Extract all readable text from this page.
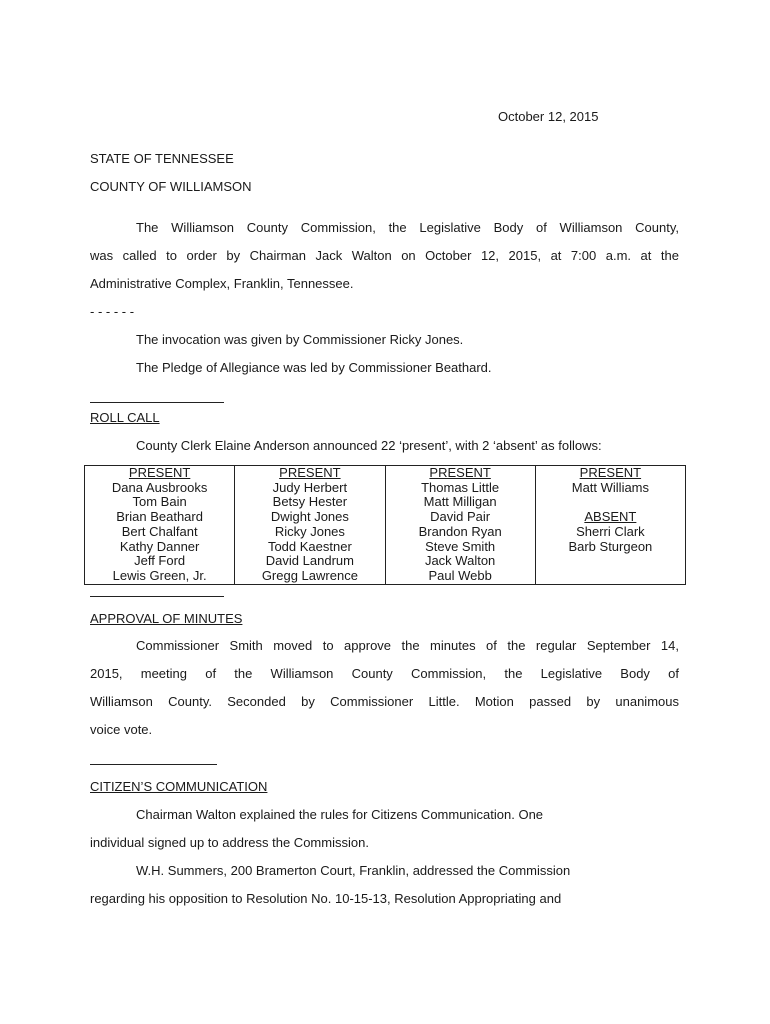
October 12, 2015
STATE OF TENNESSEE
COUNTY OF WILLIAMSON
The Williamson County Commission, the Legislative Body of Williamson County,
was called to order by Chairman Jack Walton on October 12, 2015, at 7:00 a.m. at the
Administrative Complex, Franklin, Tennessee.
- - - - - -
The invocation was given by Commissioner Ricky Jones.
The Pledge of Allegiance was led by Commissioner Beathard.
ROLL CALL
County Clerk Elaine Anderson announced 22 ‘present’, with 2 ‘absent’ as follows:
PRESENT	PRESENT	PRESENT	PRESENT
Dana Ausbrooks	Judy Herbert	Thomas Little	Matt Williams
Tom Bain	Betsy Hester	Matt Milligan	
Brian Beathard	Dwight Jones	David Pair	ABSENT
Bert Chalfant	Ricky Jones	Brandon Ryan	Sherri Clark
Kathy Danner	Todd Kaestner	Steve Smith	Barb Sturgeon
Jeff Ford	David Landrum	Jack Walton	
Lewis Green, Jr.	Gregg Lawrence	Paul Webb	
APPROVAL OF MINUTES
Commissioner Smith moved to approve the minutes of the regular September 14,
2015, meeting of the Williamson County Commission, the Legislative Body of
Williamson County. Seconded by Commissioner Little. Motion passed by unanimous
voice vote.
CITIZEN’S COMMUNICATION
Chairman Walton explained the rules for Citizens Communication. One
individual signed up to address the Commission.
W.H. Summers, 200 Bramerton Court, Franklin, addressed the Commission
regarding his opposition to Resolution No. 10-15-13, Resolution Appropriating and
